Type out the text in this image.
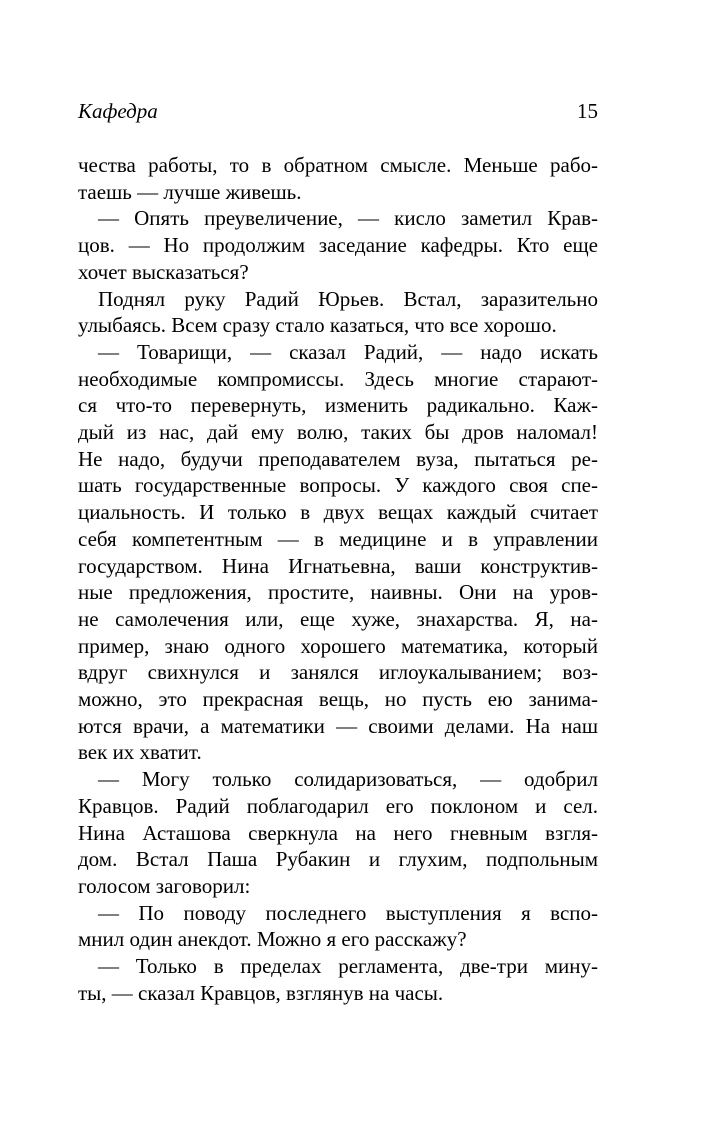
Кафедра	15
чества работы, то в обратном смысле. Меньше рабо-
таешь — лучше живешь.
— Опять преувеличение, — кисло заметил Крав-
цов. — Но продолжим заседание кафедры. Кто еще
хочет высказаться?
Поднял руку Радий Юрьев. Встал, заразительно
улыбаясь. Всем сразу стало казаться, что все хорошо.
— Товарищи, — сказал Радий, — надо искать
необходимые компромиссы. Здесь многие старают-
ся что-то перевернуть, изменить радикально. Каж-
дый из нас, дай ему волю, таких бы дров наломал!
Не надо, будучи преподавателем вуза, пытаться ре-
шать государственные вопросы. У каждого своя спе-
циальность. И только в двух вещах каждый считает
себя компетентным — в медицине и в управлении
государством. Нина Игнатьевна, ваши конструктив-
ные предложения, простите, наивны. Они на уров-
не самолечения или, еще хуже, знахарства. Я, на-
пример, знаю одного хорошего математика, который
вдруг свихнулся и занялся иглоукалыванием; воз-
можно, это прекрасная вещь, но пусть ею занима-
ются врачи, а математики — своими делами. На наш
век их хватит.
— Могу только солидаризоваться, — одобрил
Кравцов. Радий поблагодарил его поклоном и сел.
Нина Асташова сверкнула на него гневным взгля-
дом. Встал Паша Рубакин и глухим, подпольным
голосом заговорил:
— По поводу последнего выступления я вспо-
мнил один анекдот. Можно я его расскажу?
— Только в пределах регламента, две-три мину-
ты, — сказал Кравцов, взглянув на часы.
